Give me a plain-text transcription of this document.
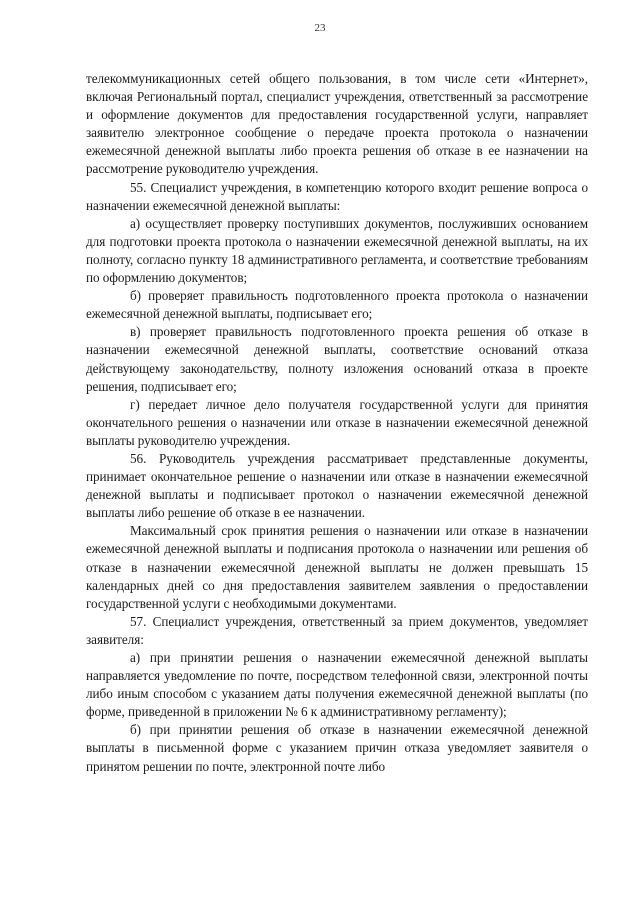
23

телекоммуникационных сетей общего пользования, в том числе сети «Интернет», включая Региональный портал, специалист учреждения, ответственный за рассмотрение и оформление документов для предоставления государственной услуги, направляет заявителю электронное сообщение о передаче проекта протокола о назначении ежемесячной денежной выплаты либо проекта решения об отказе в ее назначении на рассмотрение руководителю учреждения.

55. Специалист учреждения, в компетенцию которого входит решение вопроса о назначении ежемесячной денежной выплаты:

а) осуществляет проверку поступивших документов, послуживших основанием для подготовки проекта протокола о назначении ежемесячной денежной выплаты, на их полноту, согласно пункту 18 административного регламента, и соответствие требованиям по оформлению документов;

б) проверяет правильность подготовленного проекта протокола о назначении ежемесячной денежной выплаты, подписывает его;

в) проверяет правильность подготовленного проекта решения об отказе в назначении ежемесячной денежной выплаты, соответствие оснований отказа действующему законодательству, полноту изложения оснований отказа в проекте решения, подписывает его;

г) передает личное дело получателя государственной услуги для принятия окончательного решения о назначении или отказе в назначении ежемесячной денежной выплаты руководителю учреждения.

56. Руководитель учреждения рассматривает представленные документы, принимает окончательное решение о назначении или отказе в назначении ежемесячной денежной выплаты и подписывает протокол о назначении ежемесячной денежной выплаты либо решение об отказе в ее назначении.

Максимальный срок принятия решения о назначении или отказе в назначении ежемесячной денежной выплаты и подписания протокола о назначении или решения об отказе в назначении ежемесячной денежной выплаты не должен превышать 15 календарных дней со дня предоставления заявителем заявления о предоставлении государственной услуги с необходимыми документами.

57. Специалист учреждения, ответственный за прием документов, уведомляет заявителя:

а) при принятии решения о назначении ежемесячной денежной выплаты направляется уведомление по почте, посредством телефонной связи, электронной почты либо иным способом с указанием даты получения ежемесячной денежной выплаты (по форме, приведенной в приложении № 6 к административному регламенту);

б) при принятии решения об отказе в назначении ежемесячной денежной выплаты в письменной форме с указанием причин отказа уведомляет заявителя о принятом решении по почте, электронной почте либо
